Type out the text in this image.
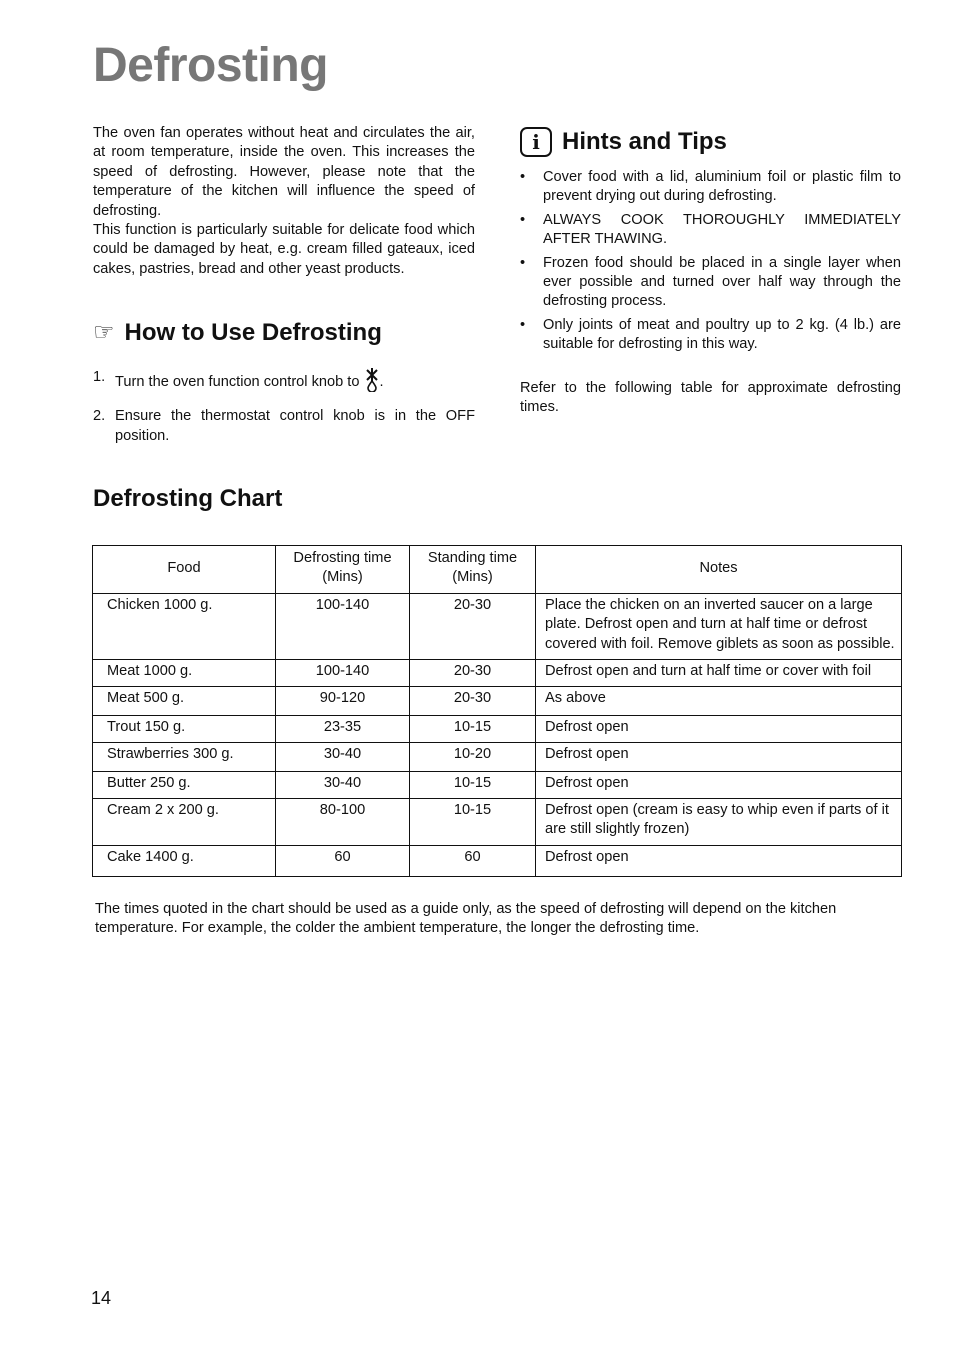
Defrosting

The oven fan operates without heat and circulates the air, at room temperature, inside the oven. This increases the speed of defrosting. However, please note that the temperature of the kitchen will influence the speed of defrosting.

This function is particularly suitable for delicate food which could be damaged by heat, e.g. cream filled gateaux, iced cakes, pastries, bread and other yeast products.

☞ How to Use Defrosting
1. Turn the oven function control knob to .
2. Ensure the thermostat control knob is in the OFF position.
i Hints and Tips
•	Cover food with a lid, aluminium foil or plastic film to prevent drying out during defrosting.
•	ALWAYS COOK THOROUGHLY IMMEDIATELY AFTER THAWING.
•	Frozen food should be placed in a single layer when ever possible and turned over half way through the defrosting process.
•	Only joints of meat and poultry up to 2 kg. (4 lb.) are suitable for defrosting in this way.

Refer to the following table for approximate defrosting times.

Defrosting Chart
Food	Defrosting time (Mins)	Standing time (Mins)	Notes
Chicken 1000 g.	100-140	20-30	Place the chicken on an inverted saucer on a large plate. Defrost open and turn at half time or defrost covered with foil. Remove giblets as soon as possible.
Meat 1000 g.	100-140	20-30	Defrost open and turn at half time or cover with foil
Meat 500 g.	90-120	20-30	As above
Trout 150 g.	23-35	10-15	Defrost open
Strawberries 300 g.	30-40	10-20	Defrost open
Butter 250 g.	30-40	10-15	Defrost open
Cream 2 x 200 g.	80-100	10-15	Defrost open (cream is easy to whip even if parts of it are still slightly frozen)
Cake 1400 g.	60	60	Defrost open

The times quoted in the chart should be used as a guide only, as the speed of defrosting will depend on the kitchen temperature. For example, the colder the ambient temperature, the longer the defrosting time.

14
